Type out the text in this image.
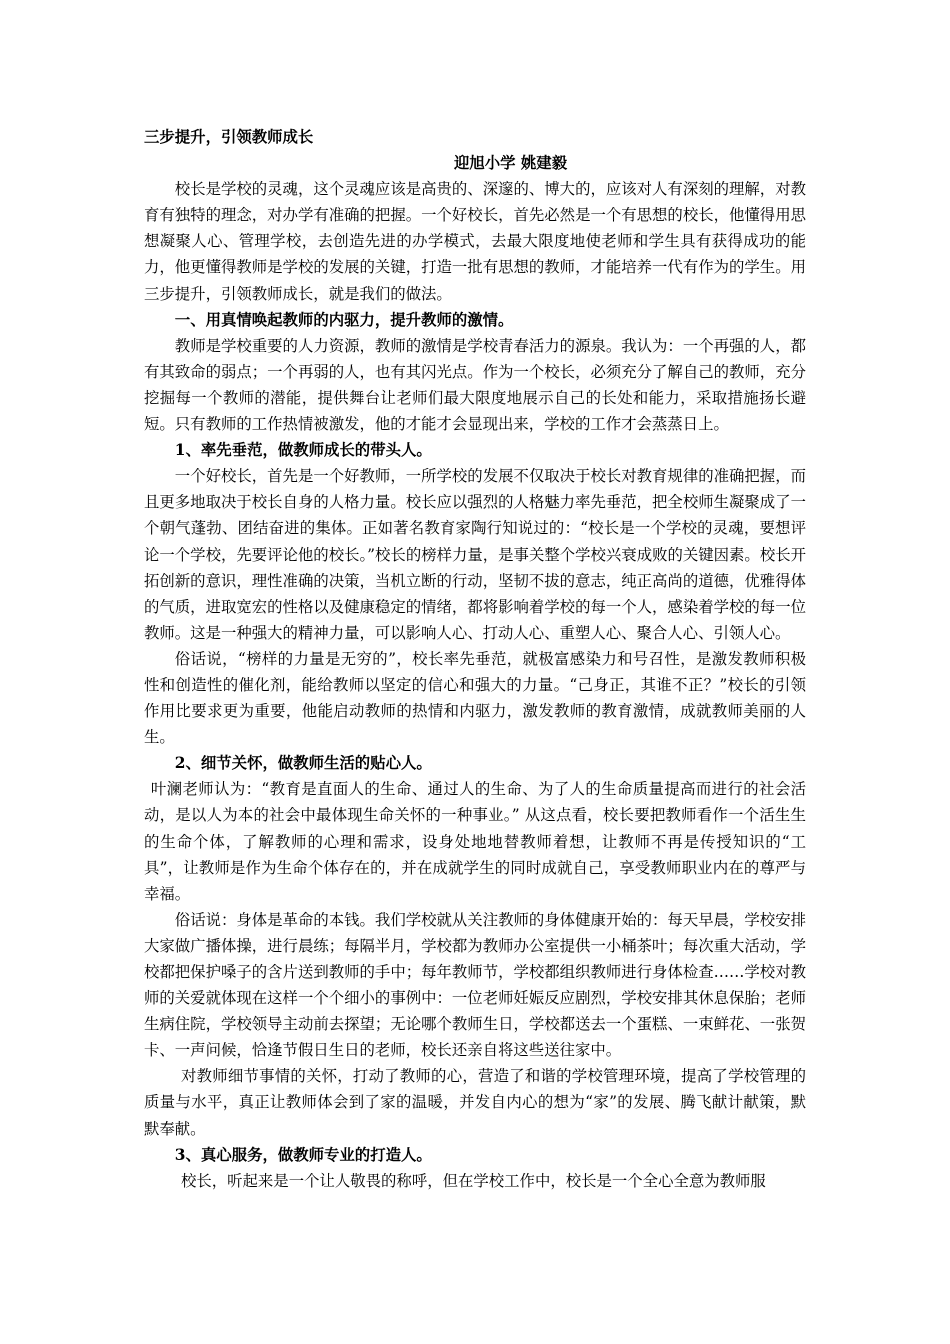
三步提升，引领教师成长

迎旭小学 姚建毅

校长是学校的灵魂，这个灵魂应该是高贵的、深邃的、博大的，应该对人有深刻的理解，对教育有独特的理念，对办学有准确的把握。一个好校长，首先必然是一个有思想的校长，他懂得用思想凝聚人心、管理学校，去创造先进的办学模式，去最大限度地使老师和学生具有获得成功的能力，他更懂得教师是学校的发展的关键，打造一批有思想的教师，才能培养一代有作为的学生。用三步提升，引领教师成长，就是我们的做法。

一、用真情唤起教师的内驱力，提升教师的激情。

教师是学校重要的人力资源，教师的激情是学校青春活力的源泉。我认为：一个再强的人，都有其致命的弱点；一个再弱的人，也有其闪光点。作为一个校长，必须充分了解自己的教师，充分挖掘每一个教师的潜能，提供舞台让老师们最大限度地展示自己的长处和能力，采取措施扬长避短。只有教师的工作热情被激发，他的才能才会显现出来，学校的工作才会蒸蒸日上。

1、率先垂范，做教师成长的带头人。

一个好校长，首先是一个好教师，一所学校的发展不仅取决于校长对教育规律的准确把握，而且更多地取决于校长自身的人格力量。校长应以强烈的人格魅力率先垂范，把全校师生凝聚成了一个朝气蓬勃、团结奋进的集体。正如著名教育家陶行知说过的：“校长是一个学校的灵魂，要想评论一个学校，先要评论他的校长。”校长的榜样力量，是事关整个学校兴衰成败的关键因素。校长开拓创新的意识，理性准确的决策，当机立断的行动，坚韧不拔的意志，纯正高尚的道德，优雅得体的气质，进取宽宏的性格以及健康稳定的情绪，都将影响着学校的每一个人，感染着学校的每一位教师。这是一种强大的精神力量，可以影响人心、打动人心、重塑人心、聚合人心、引领人心。

俗话说，“榜样的力量是无穷的”，校长率先垂范，就极富感染力和号召性，是激发教师积极性和创造性的催化剂，能给教师以坚定的信心和强大的力量。“己身正，其谁不正？”校长的引领作用比要求更为重要，他能启动教师的热情和内驱力，激发教师的教育激情，成就教师美丽的人生。

2、细节关怀，做教师生活的贴心人。

叶澜老师认为：“教育是直面人的生命、通过人的生命、为了人的生命质量提高而进行的社会活动，是以人为本的社会中最体现生命关怀的一种事业。” 从这点看，校长要把教师看作一个活生生的生命个体，了解教师的心理和需求，设身处地地替教师着想，让教师不再是传授知识的“工具”，让教师是作为生命个体存在的，并在成就学生的同时成就自己，享受教师职业内在的尊严与幸福。

俗话说：身体是革命的本钱。我们学校就从关注教师的身体健康开始的：每天早晨，学校安排大家做广播体操，进行晨练；每隔半月，学校都为教师办公室提供一小桶茶叶；每次重大活动，学校都把保护嗓子的含片送到教师的手中；每年教师节，学校都组织教师进行身体检查……学校对教师的关爱就体现在这样一个个细小的事例中：一位老师妊娠反应剧烈，学校安排其休息保胎；老师生病住院，学校领导主动前去探望；无论哪个教师生日，学校都送去一个蛋糕、一束鲜花、一张贺卡、一声问候，恰逢节假日生日的老师，校长还亲自将这些送往家中。

对教师细节事情的关怀，打动了教师的心，营造了和谐的学校管理环境，提高了学校管理的质量与水平，真正让教师体会到了家的温暖，并发自内心的想为“家”的发展、腾飞献计献策，默默奉献。

3、真心服务，做教师专业的打造人。

校长，听起来是一个让人敬畏的称呼，但在学校工作中，校长是一个全心全意为教师服
